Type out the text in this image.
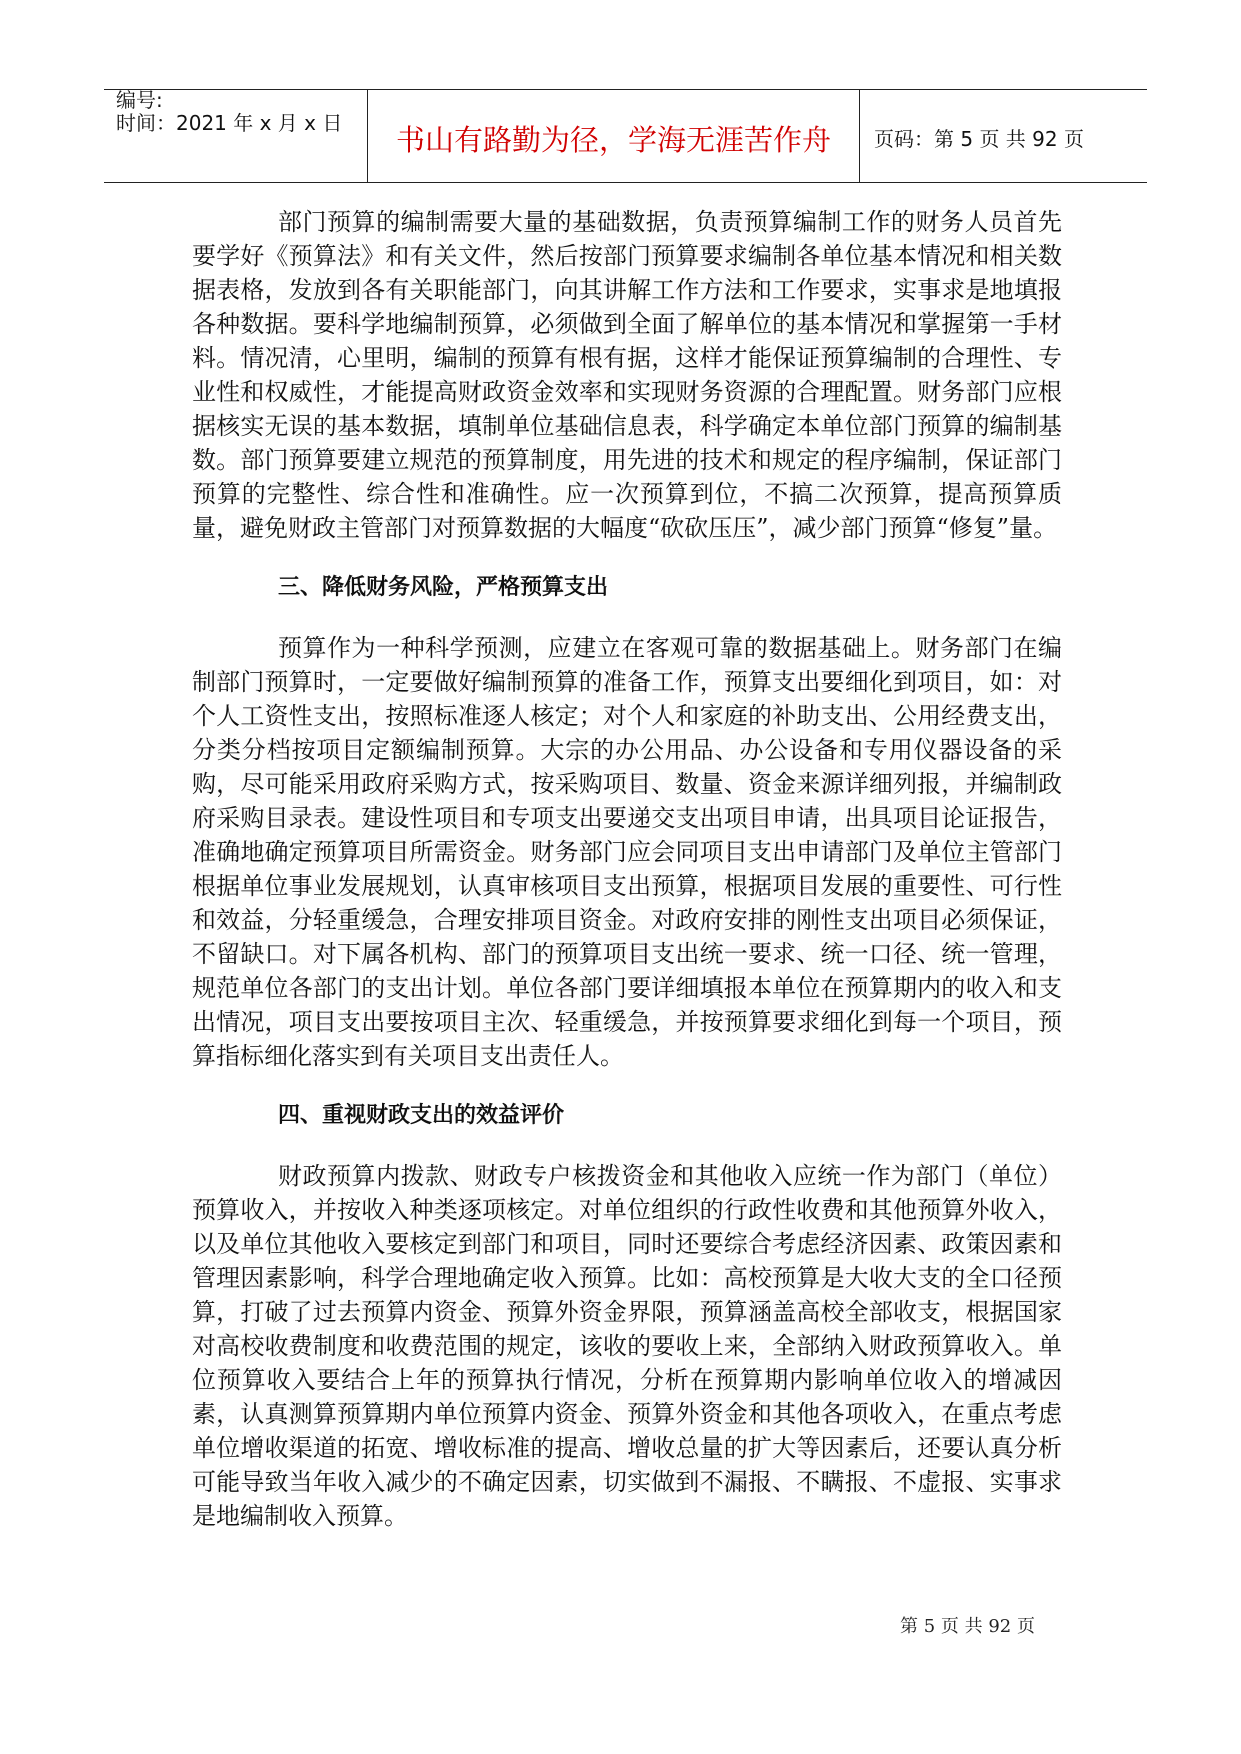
编号:
时间：2021 年 x 月 x 日	书山有路勤为径，学海无涯苦作舟	页码：第 5 页 共 92 页

部门预算的编制需要大量的基础数据，负责预算编制工作的财务人员首先要学好《预算法》和有关文件，然后按部门预算要求编制各单位基本情况和相关数据表格，发放到各有关职能部门，向其讲解工作方法和工作要求，实事求是地填报各种数据。要科学地编制预算，必须做到全面了解单位的基本情况和掌握第一手材料。情况清，心里明，编制的预算有根有据，这样才能保证预算编制的合理性、专业性和权威性，才能提高财政资金效率和实现财务资源的合理配置。财务部门应根据核实无误的基本数据，填制单位基础信息表，科学确定本单位部门预算的编制基数。部门预算要建立规范的预算制度，用先进的技术和规定的程序编制，保证部门预算的完整性、综合性和准确性。应一次预算到位，不搞二次预算，提高预算质量，避免财政主管部门对预算数据的大幅度“砍砍压压”，减少部门预算“修复”量。

三、降低财务风险，严格预算支出

预算作为一种科学预测，应建立在客观可靠的数据基础上。财务部门在编制部门预算时，一定要做好编制预算的准备工作，预算支出要细化到项目，如：对个人工资性支出，按照标准逐人核定；对个人和家庭的补助支出、公用经费支出，分类分档按项目定额编制预算。大宗的办公用品、办公设备和专用仪器设备的采购，尽可能采用政府采购方式，按采购项目、数量、资金来源详细列报，并编制政府采购目录表。建设性项目和专项支出要递交支出项目申请，出具项目论证报告，准确地确定预算项目所需资金。财务部门应会同项目支出申请部门及单位主管部门根据单位事业发展规划，认真审核项目支出预算，根据项目发展的重要性、可行性和效益，分轻重缓急，合理安排项目资金。对政府安排的刚性支出项目必须保证，不留缺口。对下属各机构、部门的预算项目支出统一要求、统一口径、统一管理，规范单位各部门的支出计划。单位各部门要详细填报本单位在预算期内的收入和支出情况，项目支出要按项目主次、轻重缓急，并按预算要求细化到每一个项目，预算指标细化落实到有关项目支出责任人。

四、重视财政支出的效益评价

财政预算内拨款、财政专户核拨资金和其他收入应统一作为部门（单位）预算收入，并按收入种类逐项核定。对单位组织的行政性收费和其他预算外收入，以及单位其他收入要核定到部门和项目，同时还要综合考虑经济因素、政策因素和管理因素影响，科学合理地确定收入预算。比如：高校预算是大收大支的全口径预算，打破了过去预算内资金、预算外资金界限，预算涵盖高校全部收支，根据国家对高校收费制度和收费范围的规定，该收的要收上来，全部纳入财政预算收入。单位预算收入要结合上年的预算执行情况，分析在预算期内影响单位收入的增减因素，认真测算预算期内单位预算内资金、预算外资金和其他各项收入，在重点考虑单位增收渠道的拓宽、增收标准的提高、增收总量的扩大等因素后，还要认真分析可能导致当年收入减少的不确定因素，切实做到不漏报、不瞒报、不虚报、实事求是地编制收入预算。

第 5 页 共 92 页
